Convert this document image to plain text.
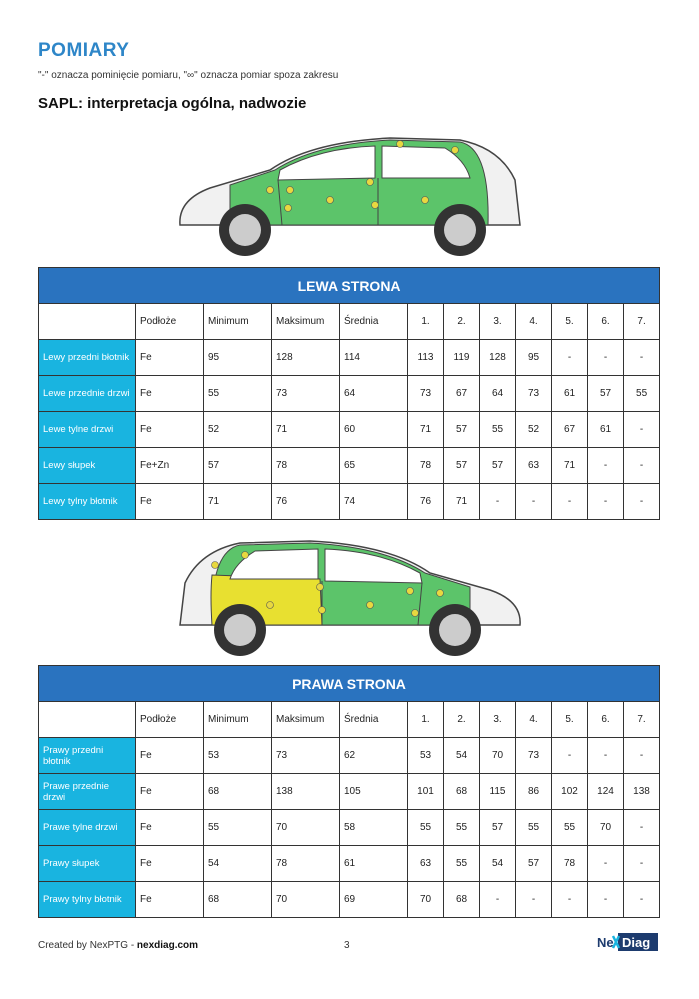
POMIARY
"-" oznacza pominięcie pomiaru, "∞" oznacza pomiar spoza zakresu
SAPL: interpretacja ogólna, nadwozie
LEWA STRONA											
	Podłoże	Minimum	Maksimum	Średnia	1.	2.	3.	4.	5.	6.	7.
Lewy przedni błotnik	Fe	95	128	114	113	119	128	95	-	-	-
Lewe przednie drzwi	Fe	55	73	64	73	67	64	73	61	57	55
Lewe tylne drzwi	Fe	52	71	60	71	57	55	52	67	61	-
Lewy słupek	Fe+Zn	57	78	65	78	57	57	63	71	-	-
Lewy tylny błotnik	Fe	71	76	74	76	71	-	-	-	-	-
PRAWA STRONA											
	Podłoże	Minimum	Maksimum	Średnia	1.	2.	3.	4.	5.	6.	7.
Prawy przedni błotnik	Fe	53	73	62	53	54	70	73	-	-	-
Prawe przednie drzwi	Fe	68	138	105	101	68	115	86	102	124	138
Prawe tylne drzwi	Fe	55	70	58	55	55	57	55	55	70	-
Prawy słupek	Fe	54	78	61	63	55	54	57	78	-	-
Prawy tylny błotnik	Fe	68	70	69	70	68	-	-	-	-	-
Created by NexPTG - nexdiag.com	3	Ne Diag
